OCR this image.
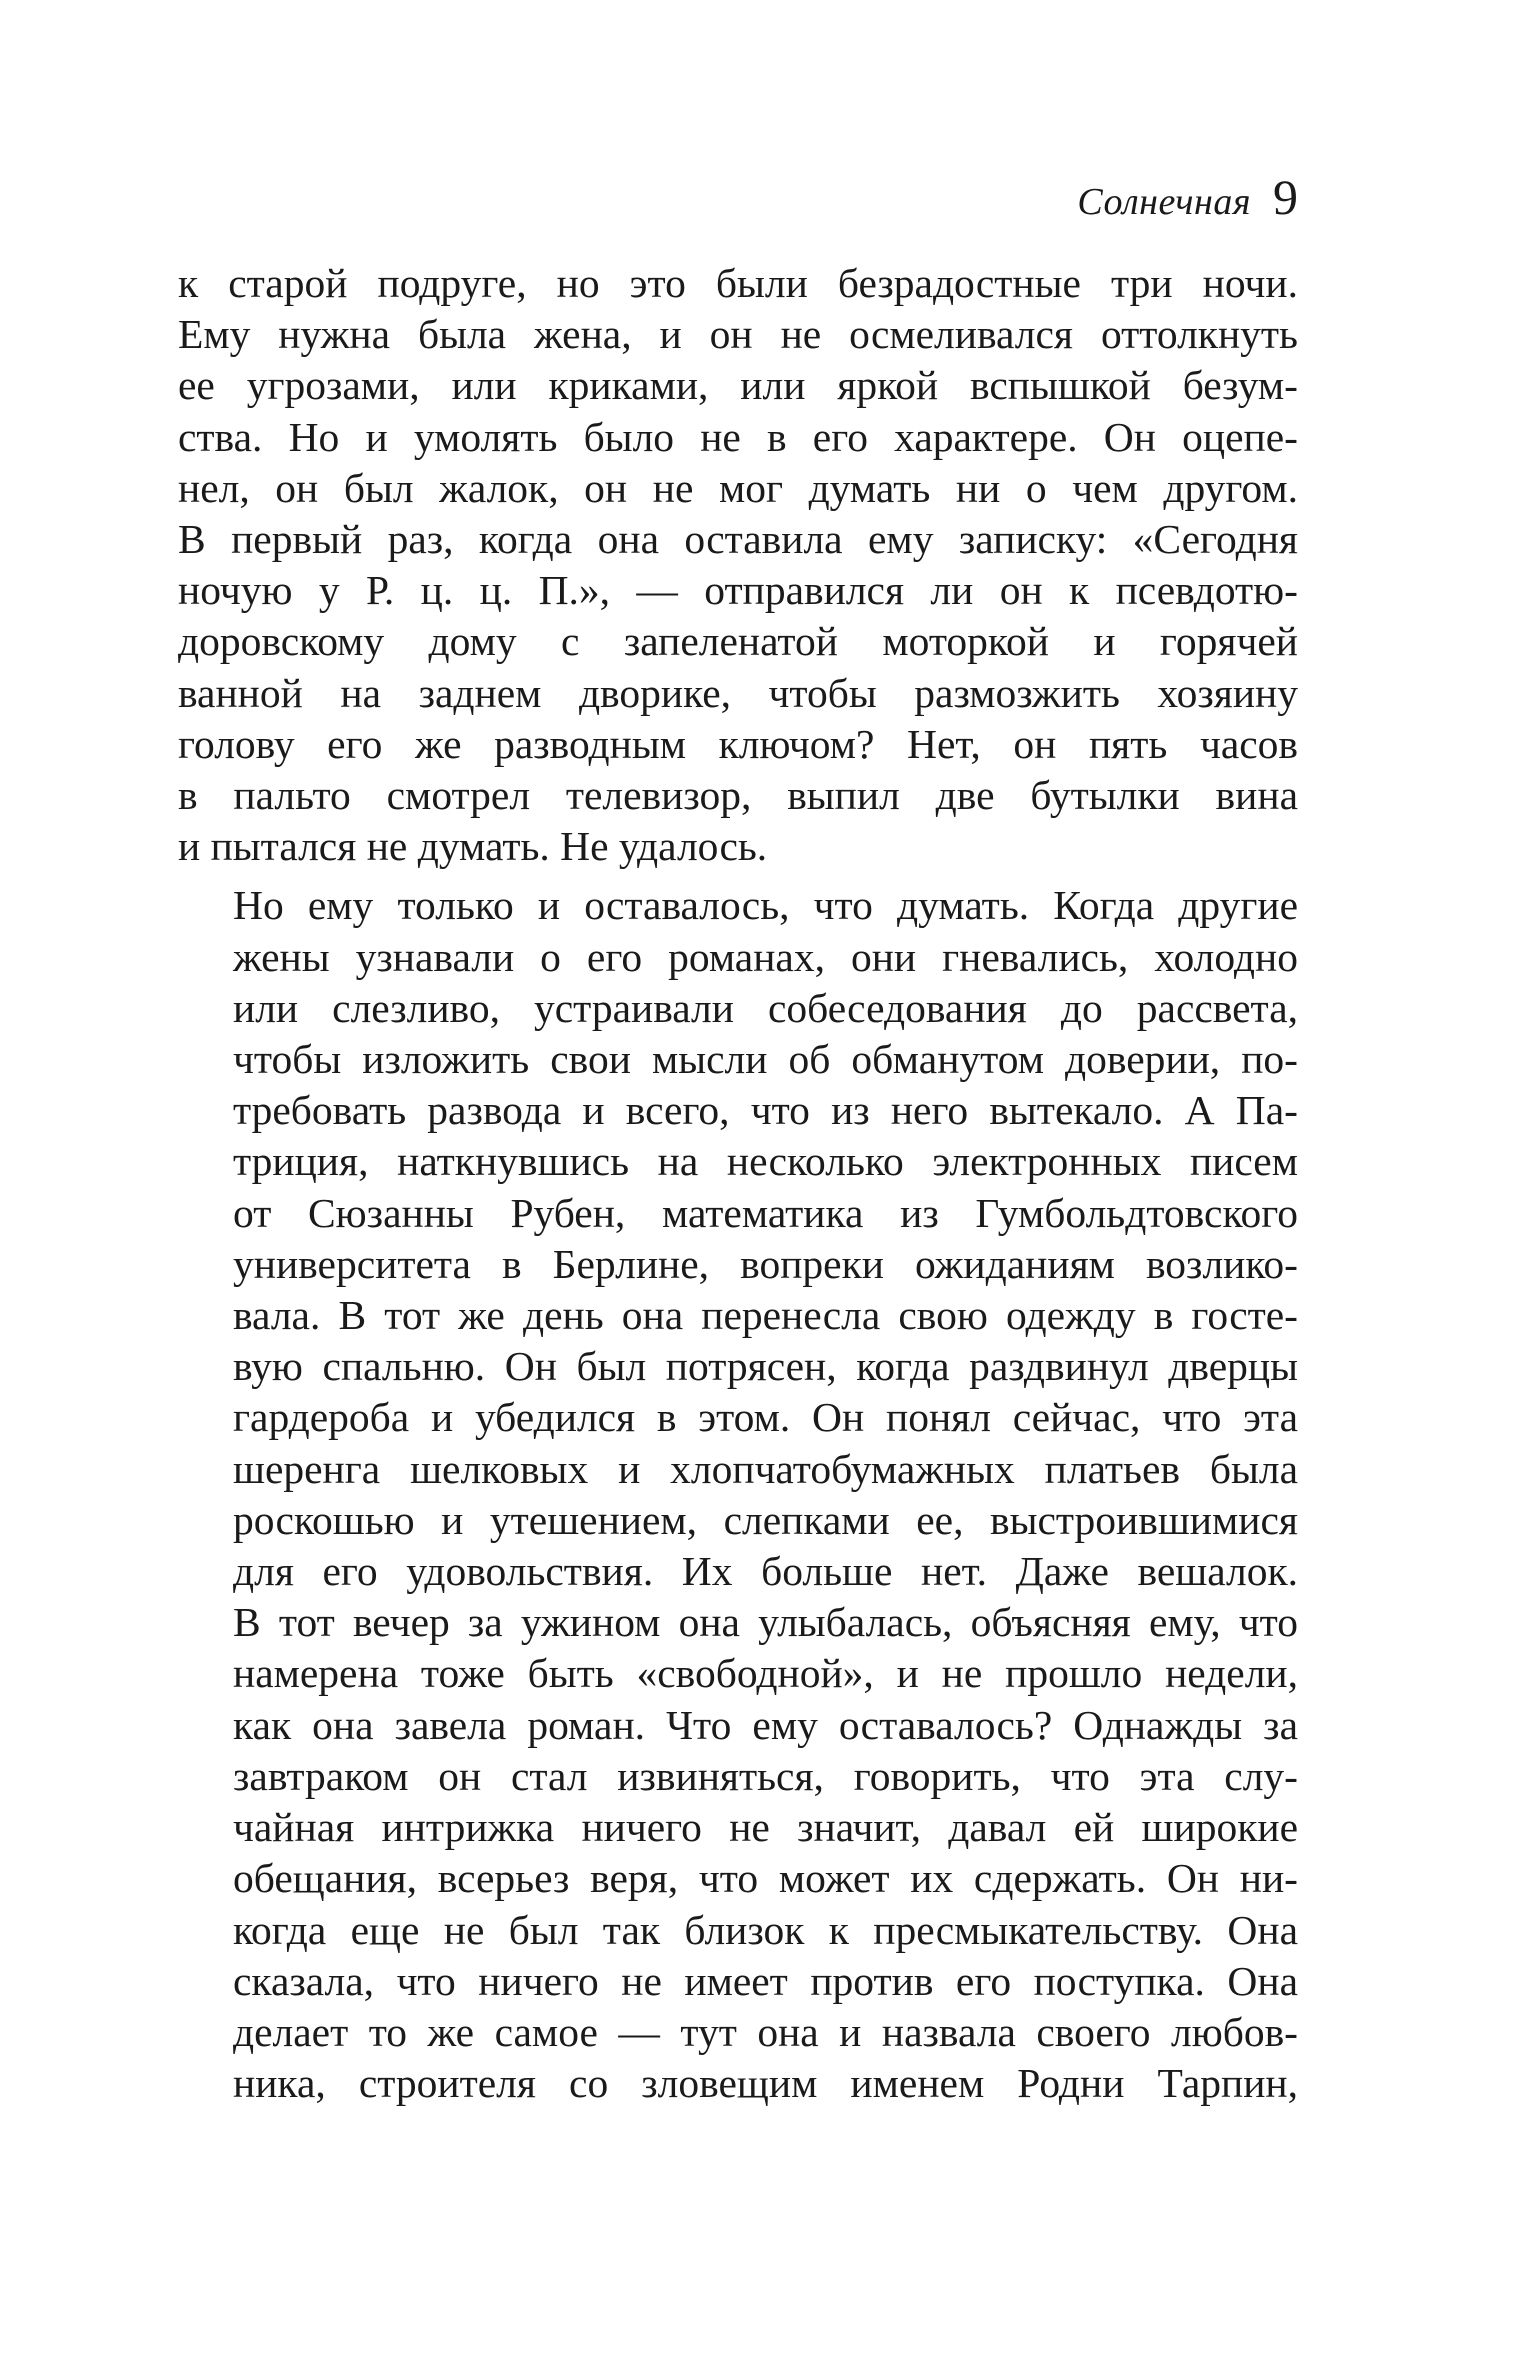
Солнечная 9

к старой подруге, но это были безрадостные три ночи.
Ему нужна была жена, и он не осмеливался оттолкнуть
ее угрозами, или криками, или яркой вспышкой безум-
ства. Но и умолять было не в его характере. Он оцепе-
нел, он был жалок, он не мог думать ни о чем другом.
В первый раз, когда она оставила ему записку: «Сегодня
ночую у Р. ц. ц. П.», — отправился ли он к псевдотю-
доровскому дому с запеленатой моторкой и горячей
ванной на заднем дворике, чтобы размозжить хозяину
голову его же разводным ключом? Нет, он пять часов
в пальто смотрел телевизор, выпил две бутылки вина
и пытался не думать. Не удалось.

Но ему только и оставалось, что думать. Когда другие
жены узнавали о его романах, они гневались, холодно
или слезливо, устраивали собеседования до рассвета,
чтобы изложить свои мысли об обманутом доверии, по-
требовать развода и всего, что из него вытекало. А Па-
триция, наткнувшись на несколько электронных писем
от Сюзанны Рубен, математика из Гумбольдтовского
университета в Берлине, вопреки ожиданиям возлико-
вала. В тот же день она перенесла свою одежду в госте-
вую спальню. Он был потрясен, когда раздвинул дверцы
гардероба и убедился в этом. Он понял сейчас, что эта
шеренга шелковых и хлопчатобумажных платьев была
роскошью и утешением, слепками ее, выстроившимися
для его удовольствия. Их больше нет. Даже вешалок.
В тот вечер за ужином она улыбалась, объясняя ему, что
намерена тоже быть «свободной», и не прошло недели,
как она завела роман. Что ему оставалось? Однажды за
завтраком он стал извиняться, говорить, что эта слу-
чайная интрижка ничего не значит, давал ей широкие
обещания, всерьез веря, что может их сдержать. Он ни-
когда еще не был так близок к пресмыкательству. Она
сказала, что ничего не имеет против его поступка. Она
делает то же самое — тут она и назвала своего любов-
ника, строителя со зловещим именем Родни Тарпин,
